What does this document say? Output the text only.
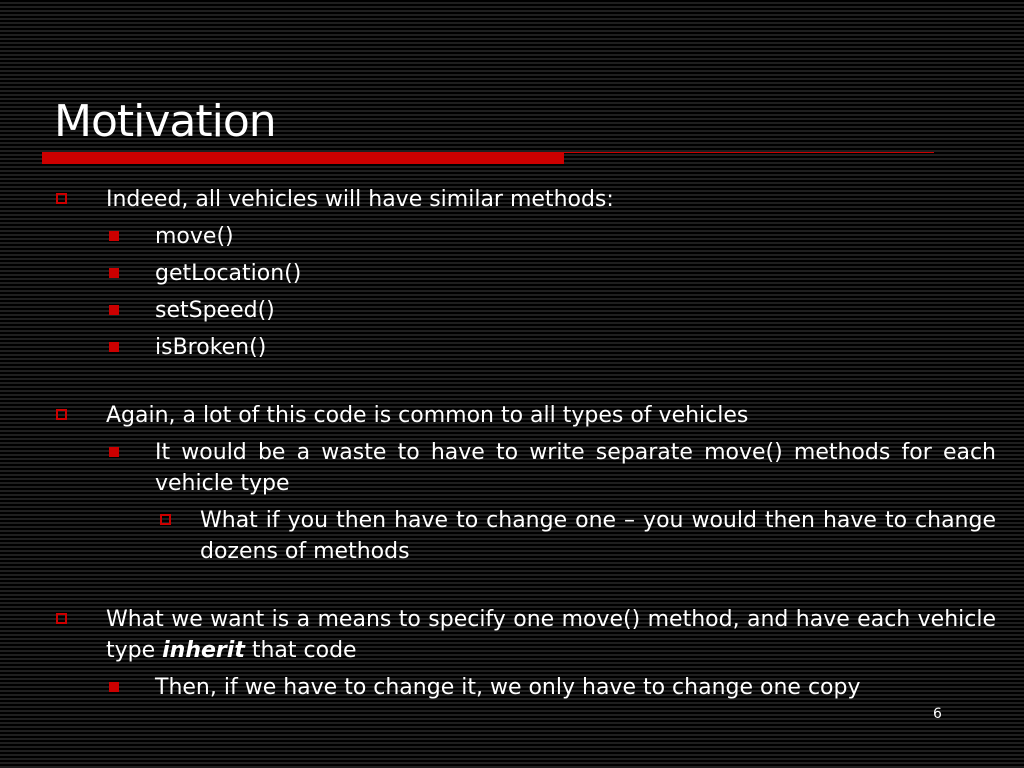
Motivation

Indeed, all vehicles will have similar methods:

move()

getLocation()

setSpeed()

isBroken()

Again, a lot of this code is common to all types of vehicles

It would be a waste to have to write separate move() methods for each vehicle type

What if you then have to change one – you would then have to change dozens of methods

What we want is a means to specify one move() method, and have each vehicle type inherit that code

Then, if we have to change it, we only have to change one copy

6
